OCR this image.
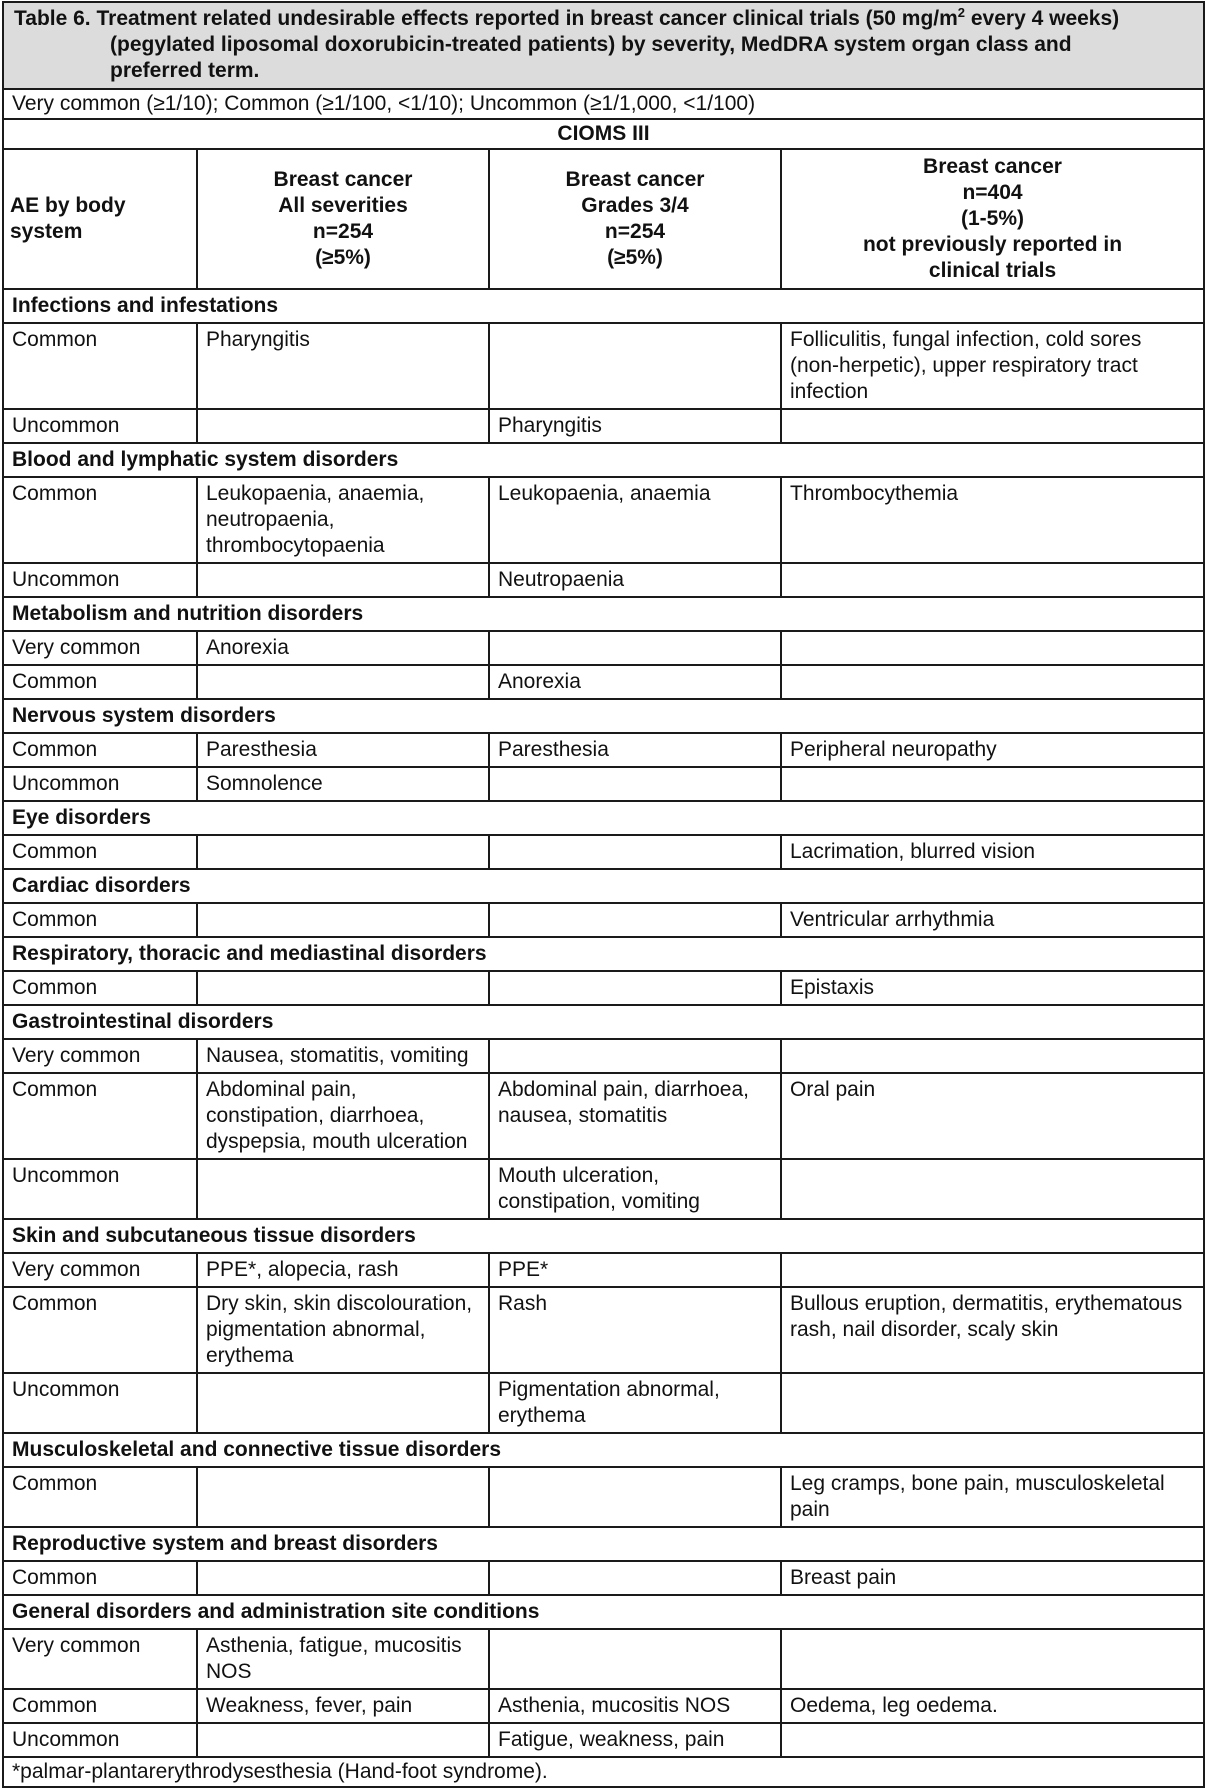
Table 6. Treatment related undesirable effects reported in breast cancer clinical trials (50 $mg/m^2$ every 4 weeks)
(pegylated liposomal doxorubicin-treated patients) by severity, MedDRA system organ class and
preferred term.			

Very common (≥1/10); Common (≥1/100, <1/10); Uncommon (≥1/1,000, <1/100)			
CIOMS III			

AE by body system	Breast cancer
All severities
n=254
(≥5%)	Breast cancer
Grades 3/4
n=254
(≥5%)	Breast cancer
n=404
(1-5%)
not previously reported in
clinical trials

Infections and infestations			
Common	Pharyngitis		Folliculitis, fungal infection, cold sores (non-herpetic), upper respiratory tract infection
Uncommon		Pharyngitis	
Blood and lymphatic system disorders			
Common	Leukopaenia, anaemia, neutropaenia, thrombocytopaenia	Leukopaenia, anaemia	Thrombocythemia
Uncommon		Neutropaenia	
Metabolism and nutrition disorders			
Very common	Anorexia		
Common		Anorexia	
Nervous system disorders			
Common	Paresthesia	Paresthesia	Peripheral neuropathy
Uncommon	Somnolence		
Eye disorders			
Common			Lacrimation, blurred vision
Cardiac disorders			
Common			Ventricular arrhythmia
Respiratory, thoracic and mediastinal disorders			
Common			Epistaxis
Gastrointestinal disorders			
Very common	Nausea, stomatitis, vomiting		
Common	Abdominal pain, constipation, diarrhoea, dyspepsia, mouth ulceration	Abdominal pain, diarrhoea, nausea, stomatitis	Oral pain
Uncommon		Mouth ulceration, constipation, vomiting	
Skin and subcutaneous tissue disorders			
Very common	PPE*, alopecia, rash	PPE*	
Common	Dry skin, skin discolouration, pigmentation abnormal, erythema	Rash	Bullous eruption, dermatitis, erythematous rash, nail disorder, scaly skin
Uncommon		Pigmentation abnormal, erythema	
Musculoskeletal and connective tissue disorders			
Common			Leg cramps, bone pain, musculoskeletal pain
Reproductive system and breast disorders			
Common			Breast pain
General disorders and administration site conditions			
Very common	Asthenia, fatigue, mucositis NOS		
Common	Weakness, fever, pain	Asthenia, mucositis NOS	Oedema, leg oedema.
Uncommon		Fatigue, weakness, pain	
*palmar-plantarerythrodysesthesia (Hand-foot syndrome).			
